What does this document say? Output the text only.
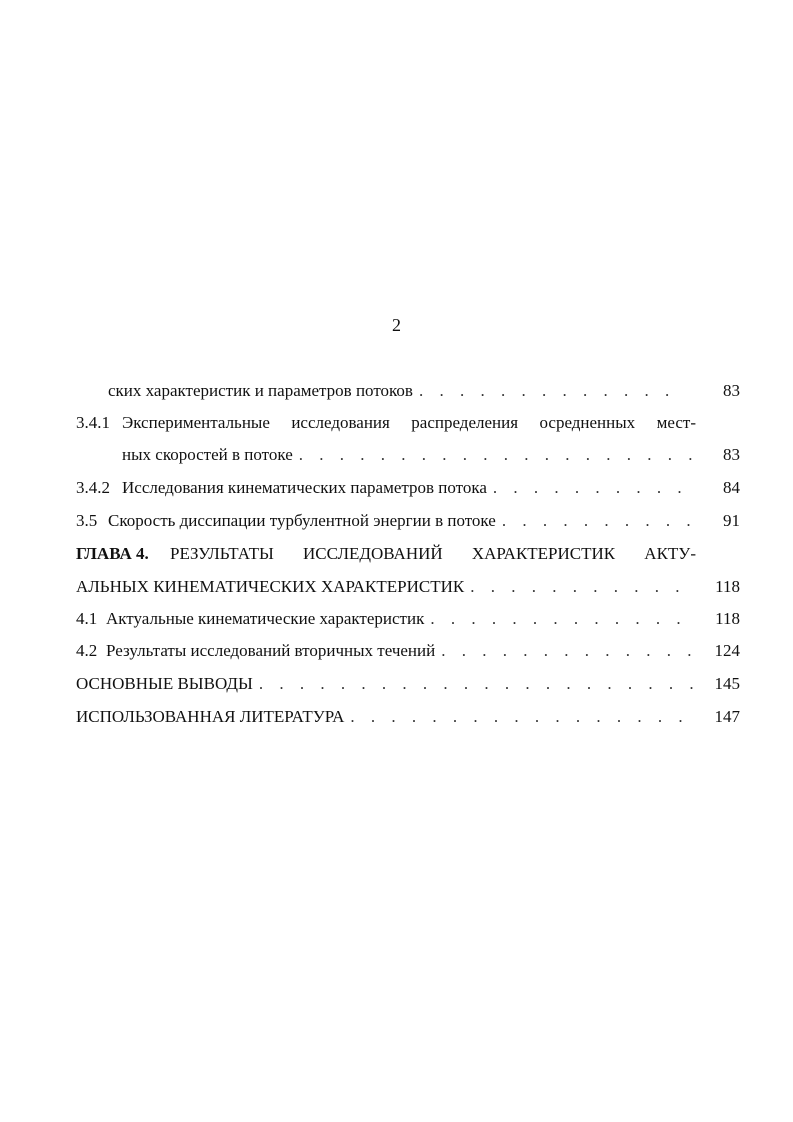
2
ских характеристик и параметров потоков . . .	83
3.4.1 Экспериментальные исследования распределения осредненных мест-
ных скоростей в потоке . . .	83
3.4.2 Исследования кинематических параметров потока . . .	84
3.5 Скорость диссипации турбулентной энергии в потоке . . .	91
ГЛАВА 4. РЕЗУЛЬТАТЫ ИССЛЕДОВАНИЙ ХАРАКТЕРИСТИК АКТУ-
АЛЬНЫХ КИНЕМАТИЧЕСКИХ ХАРАКТЕРИСТИК . . .	118
4.1 Актуальные кинематические характеристик . . .	118
4.2 Результаты исследований вторичных течений . . .	124
ОСНОВНЫЕ ВЫВОДЫ . . .	145
ИСПОЛЬЗОВАННАЯ ЛИТЕРАТУРА . . .	147
